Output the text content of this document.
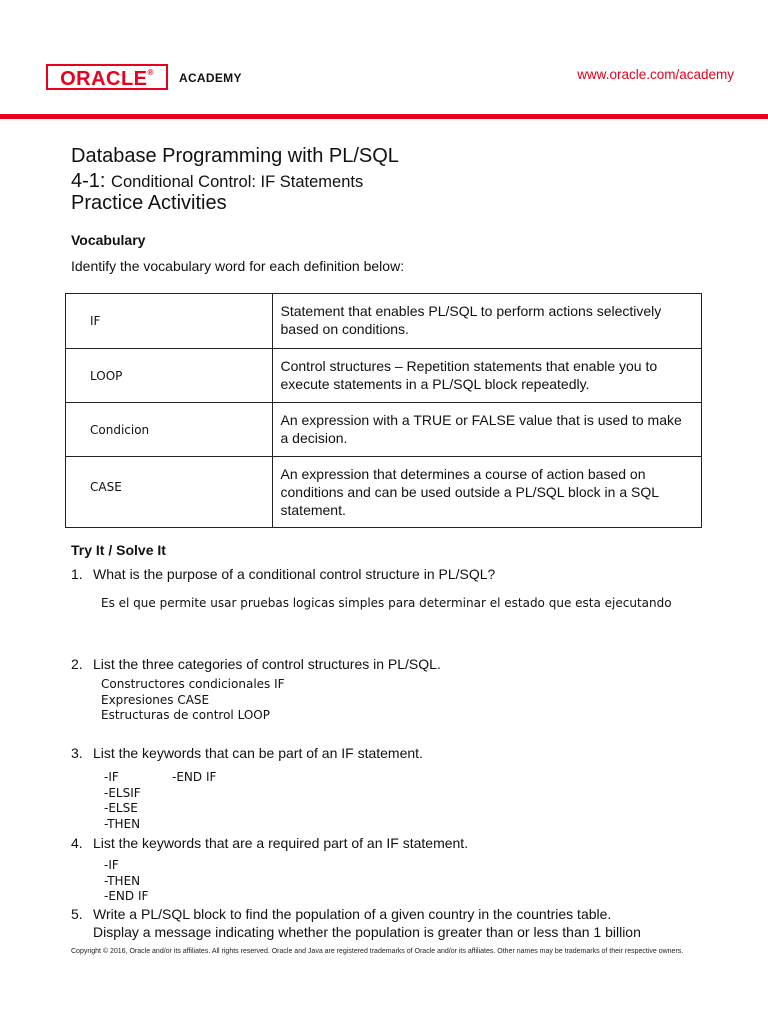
ORACLE®	ACADEMY	www.oracle.com/academy
Database Programming with PL/SQL
4-1: Conditional Control: IF Statements
Practice Activities
Vocabulary
Identify the vocabulary word for each definition below:
IF	Statement that enables PL/SQL to perform actions selectively based on conditions.
LOOP	Control structures – Repetition statements that enable you to execute statements in a PL/SQL block repeatedly.
Condicion	An expression with a TRUE or FALSE value that is used to make a decision.
CASE	An expression that determines a course of action based on conditions and can be used outside a PL/SQL block in a SQL statement.
Try It / Solve It
1. What is the purpose of a conditional control structure in PL/SQL?
Es el que permite usar pruebas logicas simples para determinar el estado que esta ejecutando
2. List the three categories of control structures in PL/SQL.
Constructores condicionales IF
Expresiones CASE
Estructuras de control LOOP
3. List the keywords that can be part of an IF statement.
-IF
-ELSIF
-ELSE
-THEN
-END IF
4. List the keywords that are a required part of an IF statement.
-IF
-THEN
-END IF
5. Write a PL/SQL block to find the population of a given country in the countries table.
Display a message indicating whether the population is greater than or less than 1 billion
Copyright © 2016, Oracle and/or its affiliates. All rights reserved. Oracle and Java are registered trademarks of Oracle and/or its affiliates. Other names may be trademarks of their respective owners.
